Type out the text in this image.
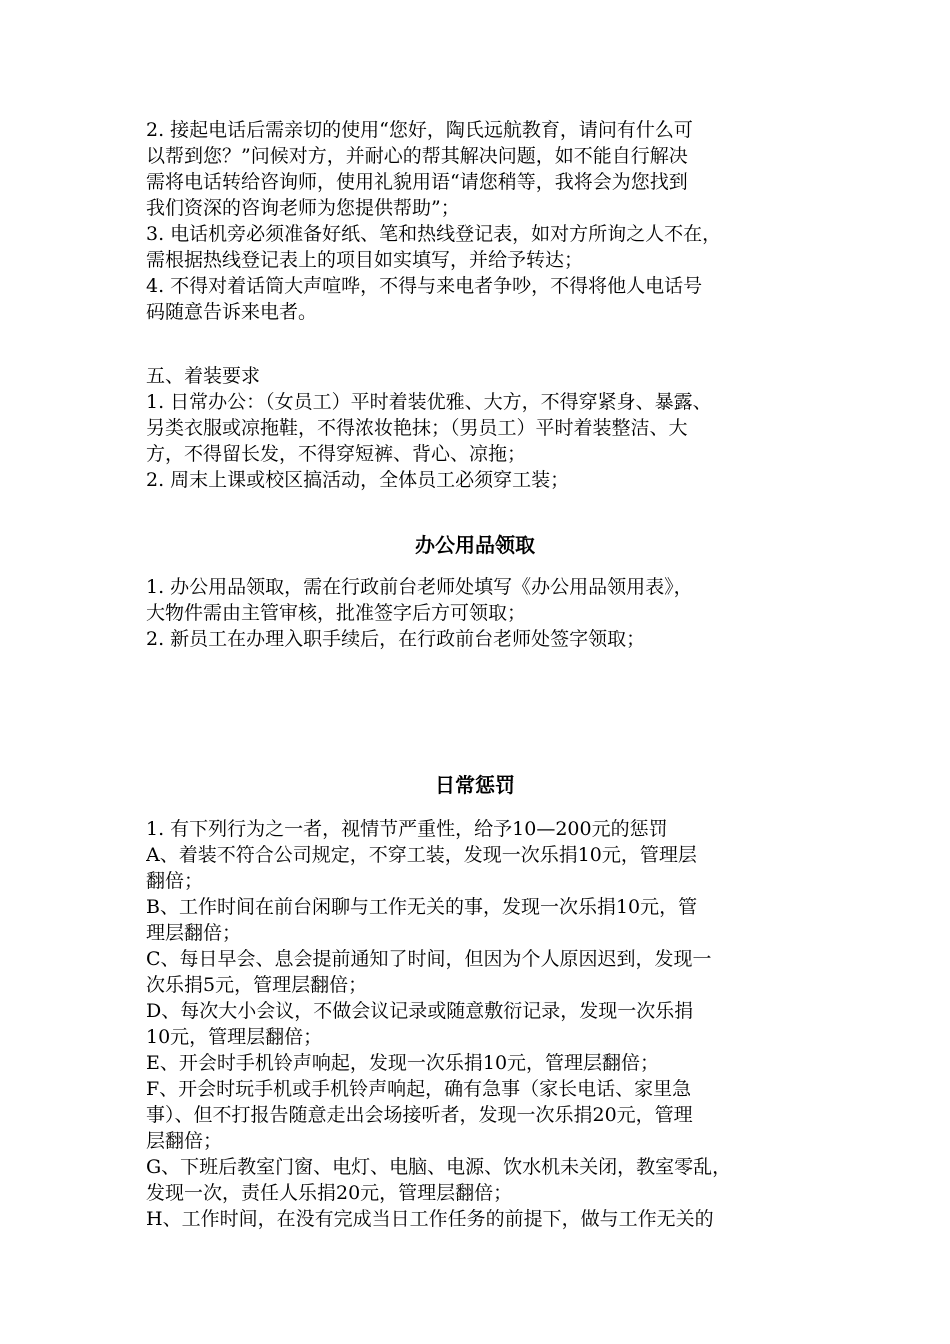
2. 接起电话后需亲切的使用“您好，陶氏远航教育，请问有什么可
以帮到您？”问候对方，并耐心的帮其解决问题，如不能自行解决
需将电话转给咨询师，使用礼貌用语“请您稍等，我将会为您找到
我们资深的咨询老师为您提供帮助”；
3. 电话机旁必须准备好纸、笔和热线登记表，如对方所询之人不在，
需根据热线登记表上的项目如实填写，并给予转达；
4. 不得对着话筒大声喧哗，不得与来电者争吵，不得将他人电话号
码随意告诉来电者。
五、着装要求
1. 日常办公：（女员工）平时着装优雅、大方，不得穿紧身、暴露、
另类衣服或凉拖鞋，不得浓妆艳抹；（男员工）平时着装整洁、大
方，不得留长发，不得穿短裤、背心、凉拖；
2. 周末上课或校区搞活动，全体员工必须穿工装；
办公用品领取
1. 办公用品领取，需在行政前台老师处填写《办公用品领用表》，
大物件需由主管审核，批准签字后方可领取；
2. 新员工在办理入职手续后，在行政前台老师处签字领取；
日常惩罚
1. 有下列行为之一者，视情节严重性，给予10—200元的惩罚
A、着装不符合公司规定，不穿工装，发现一次乐捐10元，管理层
翻倍；
B、工作时间在前台闲聊与工作无关的事，发现一次乐捐10元，管
理层翻倍；
C、每日早会、息会提前通知了时间，但因为个人原因迟到，发现一
次乐捐5元，管理层翻倍；
D、每次大小会议，不做会议记录或随意敷衍记录，发现一次乐捐
10元，管理层翻倍；
E、开会时手机铃声响起，发现一次乐捐10元，管理层翻倍；
F、开会时玩手机或手机铃声响起，确有急事（家长电话、家里急
事）、但不打报告随意走出会场接听者，发现一次乐捐20元，管理
层翻倍；
G、下班后教室门窗、电灯、电脑、电源、饮水机未关闭，教室零乱，
发现一次，责任人乐捐20元，管理层翻倍；
H、工作时间，在没有完成当日工作任务的前提下，做与工作无关的
